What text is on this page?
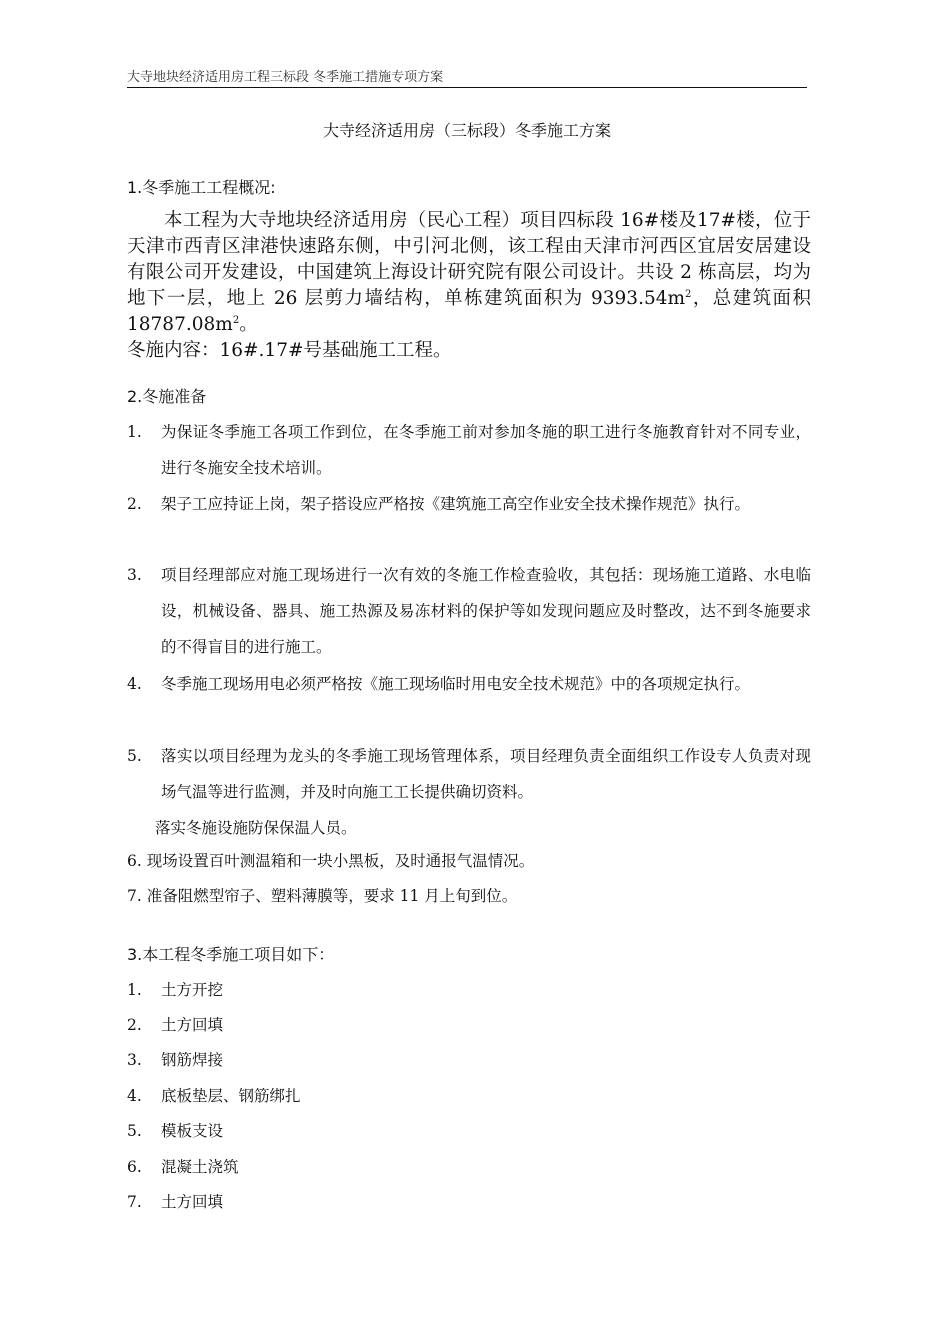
大寺地块经济适用房工程三标段 冬季施工措施专项方案
大寺经济适用房（三标段）冬季施工方案
1.冬季施工工程概况:

本工程为大寺地块经济适用房（民心工程）项目四标段 16#楼及17#楼，位于天津市西青区津港快速路东侧，中引河北侧，该工程由天津市河西区宜居安居建设有限公司开发建设，中国建筑上海设计研究院有限公司设计。共设 2 栋高层，均为地下一层，地上 26 层剪力墙结构，单栋建筑面积为 $9393.54m^2$，总建筑面积 $18787.08m^2$。

冬施内容：16#.17#号基础施工工程。

2.冬施准备
1. 为保证冬季施工各项工作到位，在冬季施工前对参加冬施的职工进行冬施教育针对不同专业，进行冬施安全技术培训。
2. 架子工应持证上岗，架子搭设应严格按《建筑施工高空作业安全技术操作规范》执行。
3. 项目经理部应对施工现场进行一次有效的冬施工作检查验收，其包括：现场施工道路、水电临设，机械设备、器具、施工热源及易冻材料的保护等如发现问题应及时整改，达不到冬施要求的不得盲目的进行施工。
4. 冬季施工现场用电必须严格按《施工现场临时用电安全技术规范》中的各项规定执行。
5. 落实以项目经理为龙头的冬季施工现场管理体系，项目经理负责全面组织工作设专人负责对现场气温等进行监测，并及时向施工工长提供确切资料。
落实冬施设施防保保温人员。
6. 现场设置百叶测温箱和一块小黑板，及时通报气温情况。
7. 准备阻燃型帘子、塑料薄膜等，要求 11 月上旬到位。
3.本工程冬季施工项目如下：
1. 土方开挖
2. 土方回填
3. 钢筋焊接
4. 底板垫层、钢筋绑扎
5. 模板支设
6. 混凝土浇筑
7. 土方回填
